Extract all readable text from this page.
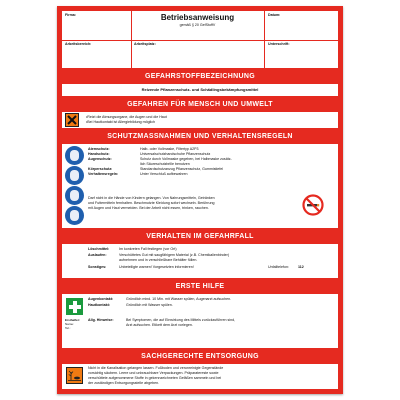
Firma:	Betriebsanweisung
gemäß § 20 GefStoffV
Datum:
Arbeitsbereich:	Arbeitsplatz:	Unterschrift:
GEFAHRSTOFFBEZEICHNUNG
Reizende Pflanzenschutz- und Schädlingsbekämpfungsmittel
GEFAHREN FÜR MENSCH UND UMWELT
• Reizt die Atmungsorgane, die Augen und die Haut
• Bei Hautkontakt ist Allergiebildung möglich
SCHUTZMASSNAHMEN UND VERHALTENSREGELN
Atemschutz:	Halb- oder Vollmaske, Filtertyp A2P3
Handschutz:	Universalschutzhandschuhe Pflanzenschutz
Augenschutz:	Schutz durch Vollmaske gegeben, bei Halbmaske zusätz-
lich Säureschutzbrille benutzen
Körperschutz:	Standardschutzanzug Pflanzenschutz, Gummistiefel
Verhaltensregeln:	Unter Verschluß aufbewahren
Darf nicht in die Hände von Kindern gelangen. Von Nahrungsmitteln, Getränken
und Futtermitteln fernhalten. Beschmutzte Kleidung sofort wechseln. Berührung
mit Augen und Haut vermeiden. Bei der Arbeit nicht essen, trinken, rauchen.
VERHALTEN IM GEFAHRFALL
Löschmittel:	Im konkreten Fall festlegen (vor Ort)
Auslaufen:	Verschüttetes Gut mit saugfähigem Material (z.B. Chemikalienbinder)
aufnehmen und in verschließbare Behälter füllen.
Sonstiges:	Unbeteiligte warnen! Vorgesetzten informieren!	Unfalltelefon:	112
ERSTE HILFE
Ersthelfer:
Name:
Tel.:
Augenkontakt:	Gründlich mind. 10 Min. mit Wasser spülen, Augenarzt aufsuchen.
Hautkontakt:	Gründlich mit Wasser spülen.
Allg. Hinweise:	Bei Symptomen, die auf Einwirkung des Mittels zurückzuführen sind,
Arzt aufsuchen. Etikett dem Arzt vorlegen.
SACHGERECHTE ENTSORGUNG
Nicht in die Kanalisation gelangen lassen. Fußboden und verunreinigte Gegenstände
vorsichtig säubern. Leere und unbrauchbare Verpackungen. Präparatereste sowie
verschüttete aufgenommene Stoffe in gekennzeichneten Gefäßen sammeln und bei
der zuständigen Entsorgungsstelle abgeben.
